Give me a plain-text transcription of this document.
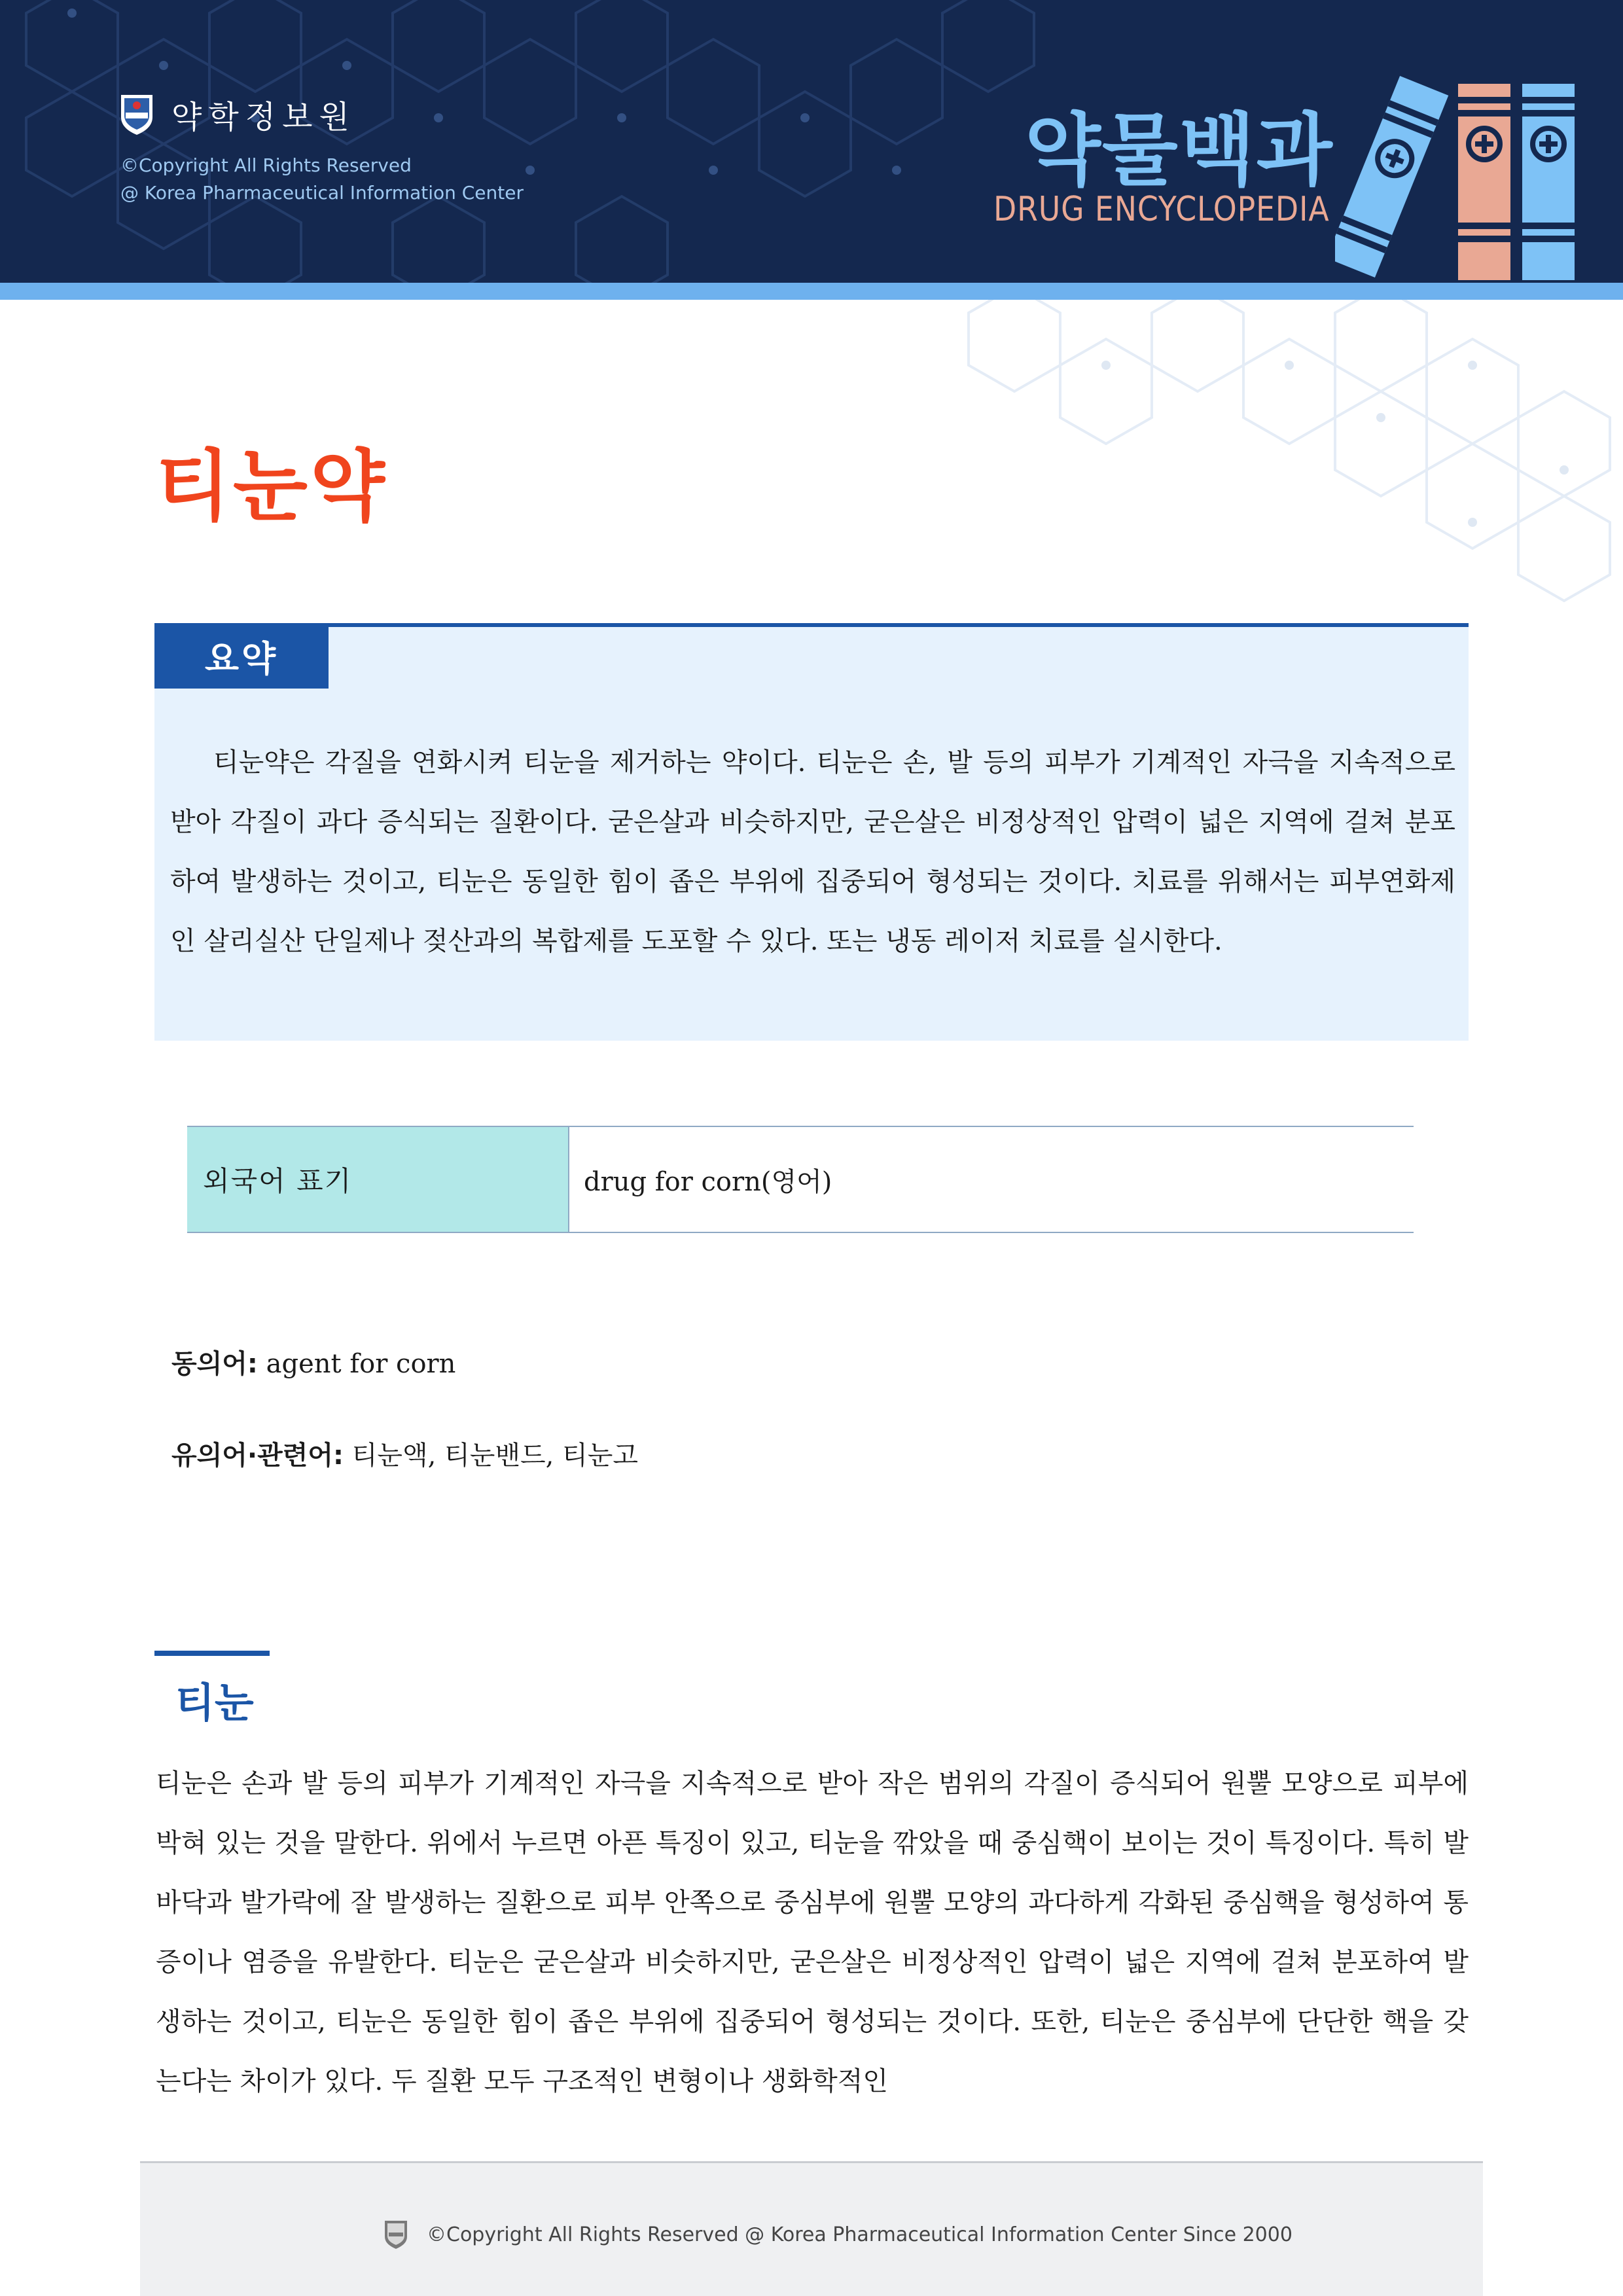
약학정보원
©Copyright All Rights Reserved
@ Korea Pharmaceutical Information Center	약물백과
DRUG ENCYCLOPEDIA
티눈약
요약

티눈약은 각질을 연화시켜 티눈을 제거하는 약이다. 티눈은 손, 발 등의 피부가 기계적인 자극을 지속적으로 받아 각질이 과다 증식되는 질환이다. 굳은살과 비슷하지만, 굳은살은 비정상적인 압력이 넓은 지역에 걸쳐 분포하여 발생하는 것이고, 티눈은 동일한 힘이 좁은 부위에 집중되어 형성되는 것이다. 치료를 위해서는 피부연화제인 살리실산 단일제나 젖산과의 복합제를 도포할 수 있다. 또는 냉동 레이저 치료를 실시한다.

외국어 표기	drug for corn(영어)
동의어: agent for corn
유의어·관련어: 티눈액, 티눈밴드, 티눈고
티눈

티눈은 손과 발 등의 피부가 기계적인 자극을 지속적으로 받아 작은 범위의 각질이 증식되어 원뿔 모양으로 피부에 박혀 있는 것을 말한다. 위에서 누르면 아픈 특징이 있고, 티눈을 깎았을 때 중심핵이 보이는 것이 특징이다. 특히 발바닥과 발가락에 잘 발생하는 질환으로 피부 안쪽으로 중심부에 원뿔 모양의 과다하게 각화된 중심핵을 형성하여 통증이나 염증을 유발한다. 티눈은 굳은살과 비슷하지만, 굳은살은 비정상적인 압력이 넓은 지역에 걸쳐 분포하여 발생하는 것이고, 티눈은 동일한 힘이 좁은 부위에 집중되어 형성되는 것이다. 또한, 티눈은 중심부에 단단한 핵을 갖는다는 차이가 있다. 두 질환 모두 구조적인 변형이나 생화학적인

©Copyright All Rights Reserved @ Korea Pharmaceutical Information Center Since 2000
